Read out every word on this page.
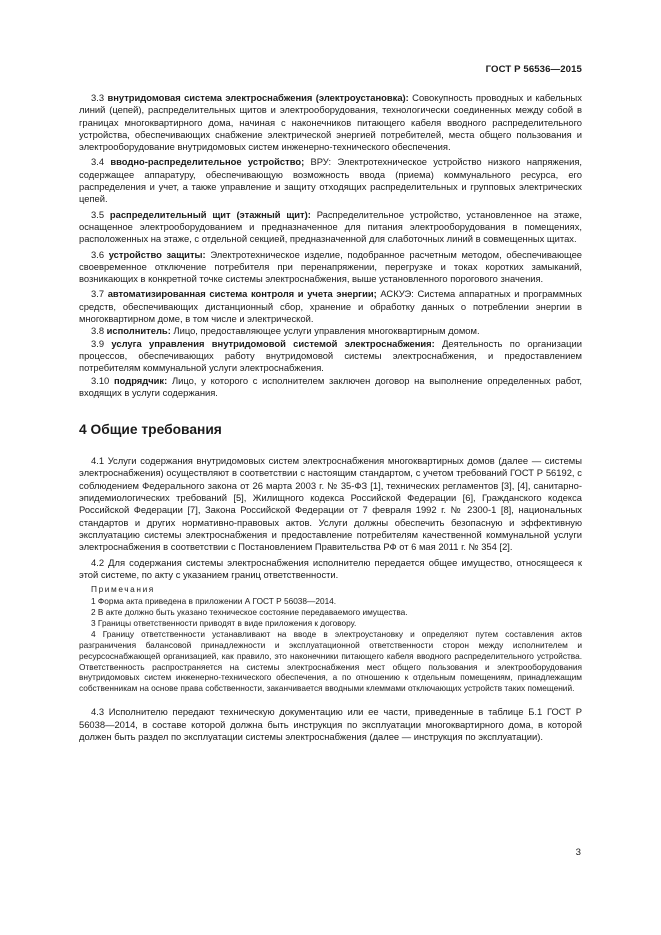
ГОСТ Р 56536—2015

3.3 внутридомовая система электроснабжения (электроустановка): Совокупность проводных и кабельных линий (цепей), распределительных щитов и электрооборудования, технологически соединенных между собой в границах многоквартирного дома, начиная с наконечников питающего кабеля вводного распределительного устройства, обеспечивающих снабжение электрической энергией потребителей, места общего пользования и электрооборудование внутридомовых систем инженерно-технического обеспечения.

3.4 вводно-распределительное устройство; ВРУ: Электротехническое устройство низкого напряжения, содержащее аппаратуру, обеспечивающую возможность ввода (приема) коммунального ресурса, его распределения и учет, а также управление и защиту отходящих распределительных и групповых электрических цепей.

3.5 распределительный щит (этажный щит): Распределительное устройство, установленное на этаже, оснащенное электрооборудованием и предназначенное для питания электрооборудования в помещениях, расположенных на этаже, с отдельной секцией, предназначенной для слаботочных линий в совмещенных щитах.

3.6 устройство защиты: Электротехническое изделие, подобранное расчетным методом, обеспечивающее своевременное отключение потребителя при перенапряжении, перегрузке и токах коротких замыканий, возникающих в конкретной точке системы электроснабжения, выше установленного порогового значения.

3.7 автоматизированная система контроля и учета энергии; АСКУЭ: Система аппаратных и программных средств, обеспечивающих дистанционный сбор, хранение и обработку данных о потреблении энергии в многоквартирном доме, в том числе и электрической.

3.8 исполнитель: Лицо, предоставляющее услуги управления многоквартирным домом.

3.9 услуга управления внутридомовой системой электроснабжения: Деятельность по организации процессов, обеспечивающих работу внутридомовой системы электроснабжения, и предоставлением потребителям коммунальной услуги электроснабжения.

3.10 подрядчик: Лицо, у которого с исполнителем заключен договор на выполнение определенных работ, входящих в услуги содержания.

4 Общие требования

4.1 Услуги содержания внутридомовых систем электроснабжения многоквартирных домов (далее — системы электроснабжения) осуществляют в соответствии с настоящим стандартом, с учетом требований ГОСТ Р 56192, с соблюдением Федерального закона от 26 марта 2003 г. № 35-ФЗ [1], технических регламентов [3], [4], санитарно-эпидемиологических требований [5], Жилищного кодекса Российской Федерации [6], Гражданского кодекса Российской Федерации [7], Закона Российской Федерации от 7 февраля 1992 г. № 2300-1 [8], национальных стандартов и других нормативно-правовых актов. Услуги должны обеспечить безопасную и эффективную эксплуатацию системы электроснабжения и предоставление потребителям качественной коммунальной услуги электроснабжения в соответствии с Постановлением Правительства РФ от 6 мая 2011 г. № 354 [2].

4.2 Для содержания системы электроснабжения исполнителю передается общее имущество, относящееся к этой системе, по акту с указанием границ ответственности.

Примечания

1 Форма акта приведена в приложении А ГОСТ Р 56038—2014.

2 В акте должно быть указано техническое состояние передаваемого имущества.

3 Границы ответственности приводят в виде приложения к договору.

4 Границу ответственности устанавливают на вводе в электроустановку и определяют путем составления актов разграничения балансовой принадлежности и эксплуатационной ответственности сторон между исполнителем и ресурсоснабжающей организацией, как правило, это наконечники питающего кабеля вводного распределительного устройства. Ответственность распространяется на системы электроснабжения мест общего пользования и электрооборудования внутридомовых систем инженерно-технического обеспечения, а по отношению к отдельным помещениям, принадлежащим собственникам на основе права собственности, заканчивается вводными клеммами отключающих устройств таких помещений.

4.3 Исполнителю передают техническую документацию или ее части, приведенные в таблице Б.1 ГОСТ Р 56038—2014, в составе которой должна быть инструкция по эксплуатации многоквартирного дома, в которой должен быть раздел по эксплуатации системы электроснабжения (далее — инструкция по эксплуатации).

3
